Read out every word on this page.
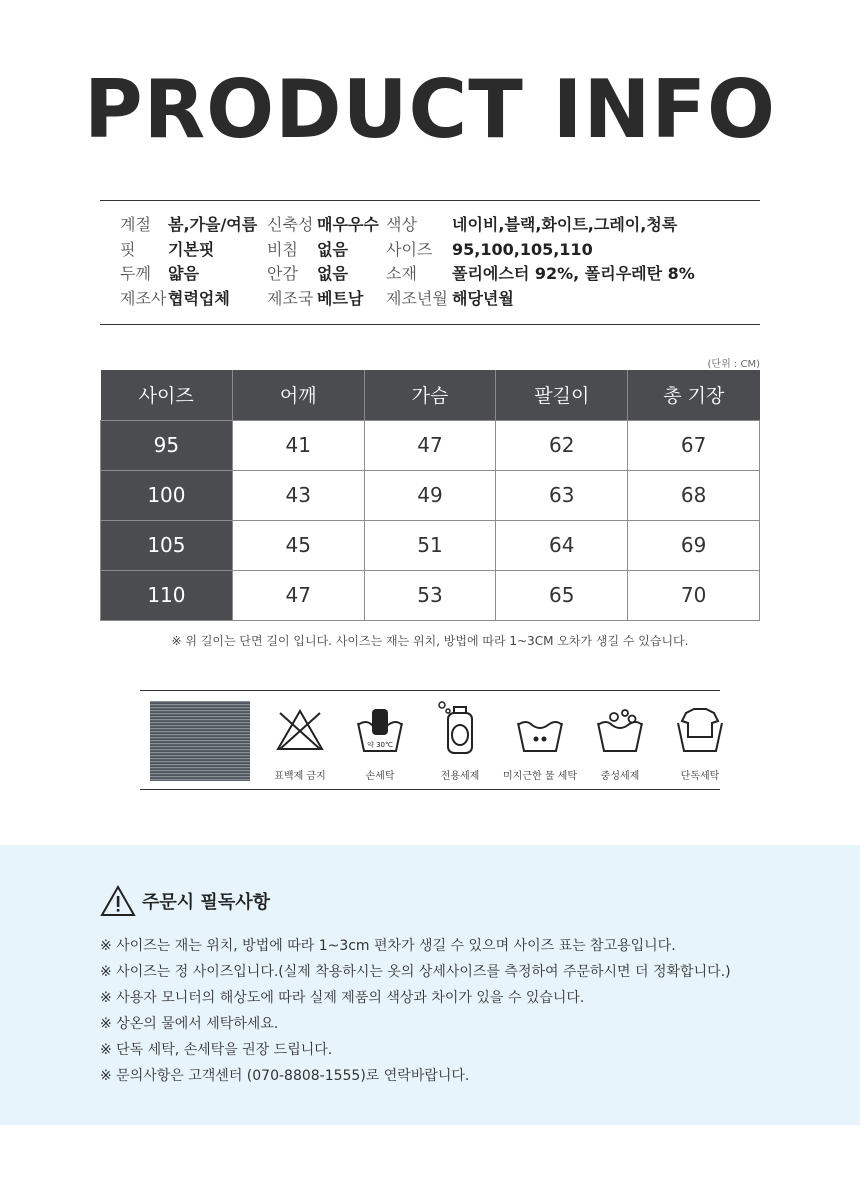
PRODUCT INFO
계절 봄,가을/여름 신축성 매우우수 색상 네이비,블랙,화이트,그레이,청록
핏 기본핏	비침 없음 사이즈 95,100,105,110
두께 얇음	안감 없음 소재 폴리에스터 92%, 폴리우레탄 8%
제조사 협력업체 제조국 베트남 제조년월 해당년월
(단위 : CM)
사이즈	어깨	가슴	팔길이	총 기장
95	41	47	62	67
100	43	49	63	68
105	45	51	64	69
110	47	53	65	70
※ 위 길이는 단면 길이 입니다. 사이즈는 재는 위치, 방법에 따라 1~3CM 오차가 생길 수 있습니다.
표백제 금지
약 30℃
손세탁	전용세제	미지근한 물 세탁	중성세제	단독세탁
주문시 필독사항
※ 사이즈는 재는 위치, 방법에 따라 1~3cm 편차가 생길 수 있으며 사이즈 표는 참고용입니다.
※ 사이즈는 정 사이즈입니다.(실제 착용하시는 옷의 상세사이즈를 측정하여 주문하시면 더 정확합니다.)
※ 사용자 모니터의 해상도에 따라 실제 제품의 색상과 차이가 있을 수 있습니다.
※ 상온의 물에서 세탁하세요.
※ 단독 세탁, 손세탁을 권장 드립니다.
※ 문의사항은 고객센터 (070-8808-1555)로 연락바랍니다.
